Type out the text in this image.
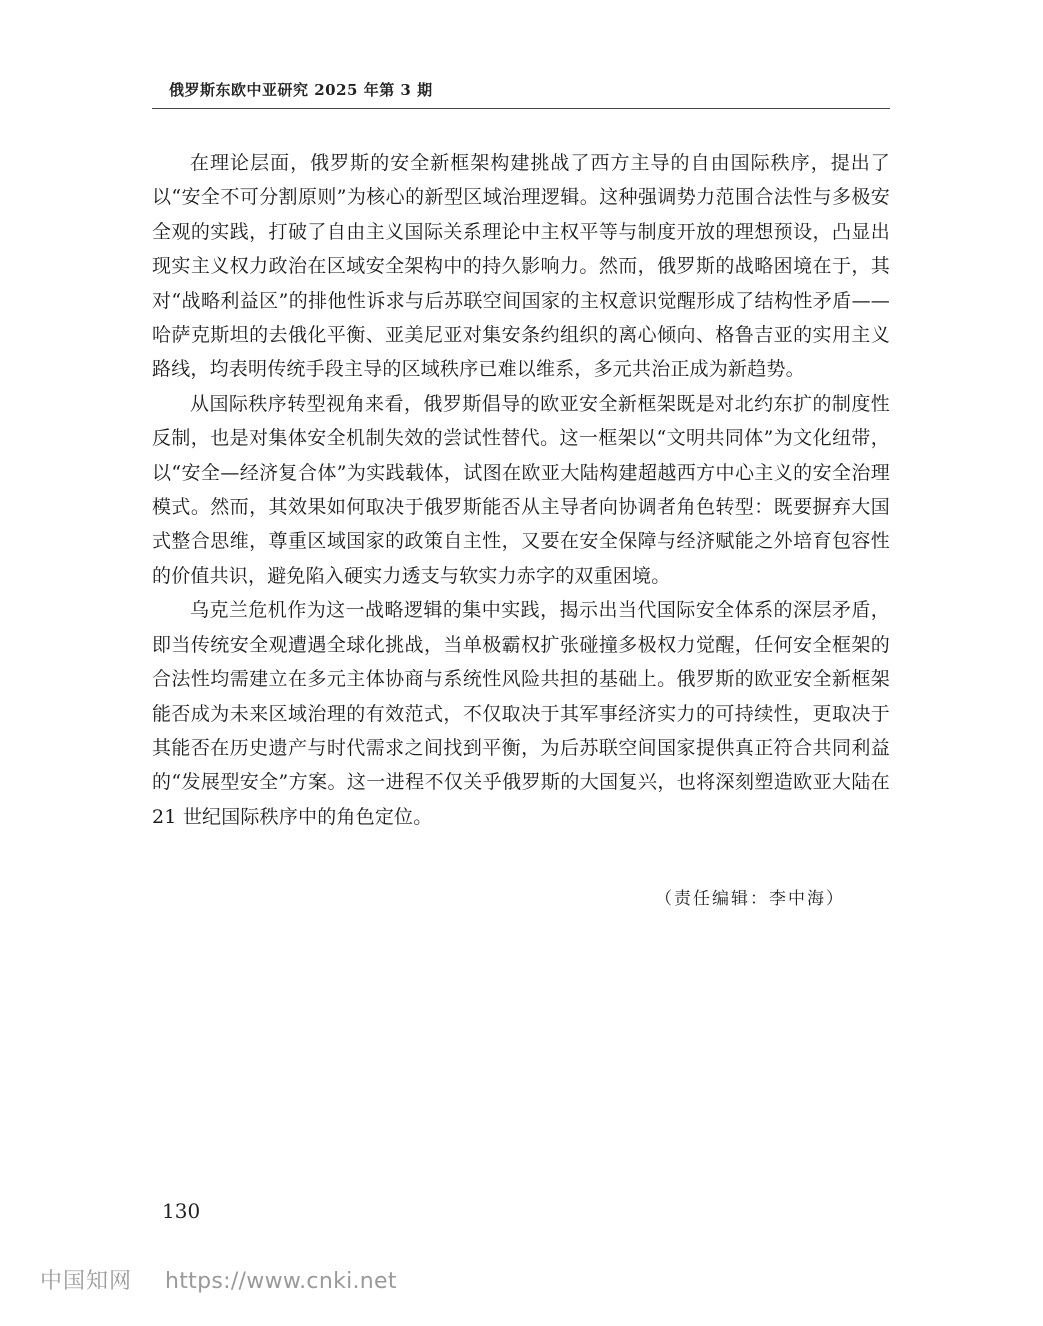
俄罗斯东欧中亚研究 2025 年第 3 期

在理论层面，俄罗斯的安全新框架构建挑战了西方主导的自由国际秩序，提出了以“安全不可分割原则”为核心的新型区域治理逻辑。这种强调势力范围合法性与多极安全观的实践，打破了自由主义国际关系理论中主权平等与制度开放的理想预设，凸显出现实主义权力政治在区域安全架构中的持久影响力。然而，俄罗斯的战略困境在于，其对“战略利益区”的排他性诉求与后苏联空间国家的主权意识觉醒形成了结构性矛盾——哈萨克斯坦的去俄化平衡、亚美尼亚对集安条约组织的离心倾向、格鲁吉亚的实用主义路线，均表明传统手段主导的区域秩序已难以维系，多元共治正成为新趋势。

从国际秩序转型视角来看，俄罗斯倡导的欧亚安全新框架既是对北约东扩的制度性反制，也是对集体安全机制失效的尝试性替代。这一框架以“文明共同体”为文化纽带，以“安全—经济复合体”为实践载体，试图在欧亚大陆构建超越西方中心主义的安全治理模式。然而，其效果如何取决于俄罗斯能否从主导者向协调者角色转型：既要摒弃大国式整合思维，尊重区域国家的政策自主性，又要在安全保障与经济赋能之外培育包容性的价值共识，避免陷入硬实力透支与软实力赤字的双重困境。

乌克兰危机作为这一战略逻辑的集中实践，揭示出当代国际安全体系的深层矛盾，即当传统安全观遭遇全球化挑战，当单极霸权扩张碰撞多极权力觉醒，任何安全框架的合法性均需建立在多元主体协商与系统性风险共担的基础上。俄罗斯的欧亚安全新框架能否成为未来区域治理的有效范式，不仅取决于其军事经济实力的可持续性，更取决于其能否在历史遗产与时代需求之间找到平衡，为后苏联空间国家提供真正符合共同利益的“发展型安全”方案。这一进程不仅关乎俄罗斯的大国复兴，也将深刻塑造欧亚大陆在 21 世纪国际秩序中的角色定位。

（责任编辑：李中海）
130
中国知网 https://www.cnki.net
